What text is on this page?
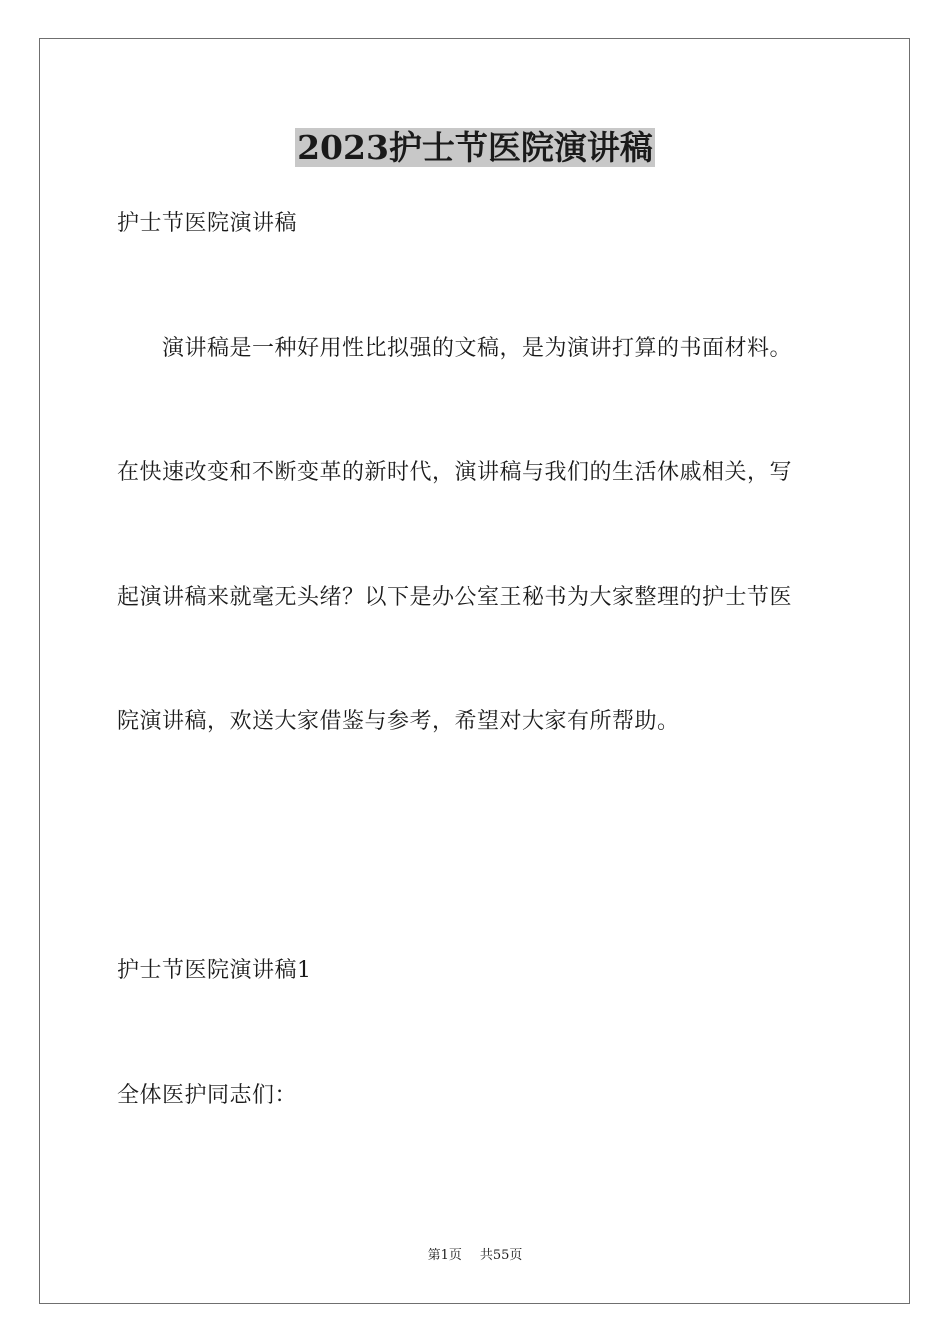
2023护士节医院演讲稿

护士节医院演讲稿

演讲稿是一种好用性比拟强的文稿，是为演讲打算的书面材料。

在快速改变和不断变革的新时代，演讲稿与我们的生活休戚相关，写

起演讲稿来就毫无头绪？以下是办公室王秘书为大家整理的护士节医

院演讲稿，欢送大家借鉴与参考，希望对大家有所帮助。

护士节医院演讲稿1

全体医护同志们：

第1页 共55页
